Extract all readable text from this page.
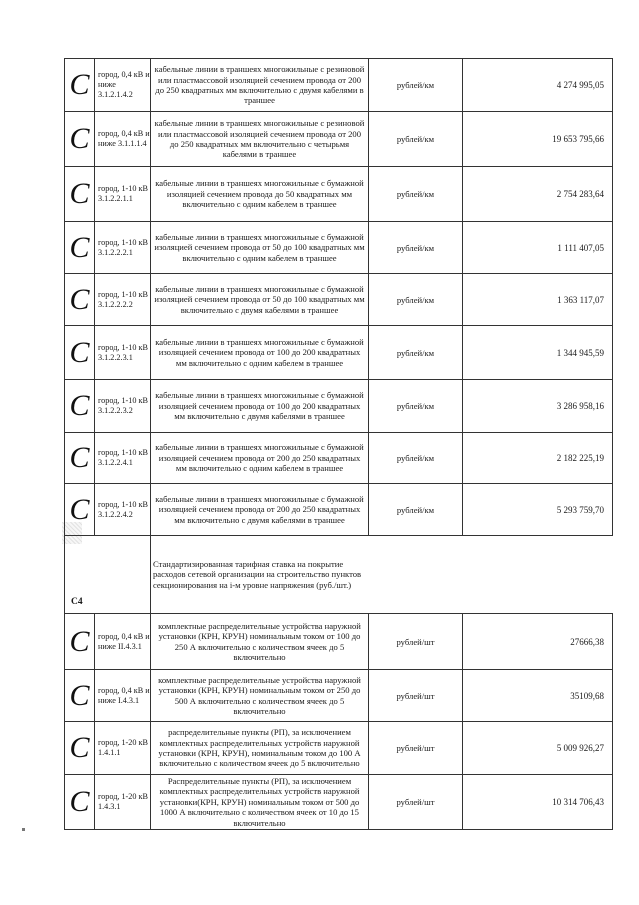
С	город, 0,4 кВ и ниже 3.1.2.1.4.2	кабельные линии в траншеях многожильные с резиновой или пластмассовой изоляцией сечением провода от 200 до 250 квадратных мм включительно с двумя кабелями в траншее	рублей/км	4 274 995,05
С	город, 0,4 кВ и ниже 3.1.1.1.4	кабельные линии в траншеях многожильные с резиновой или пластмассовой изоляцией сечением провода от 200 до 250 квадратных мм включительно с четырьмя кабелями в траншее	рублей/км	19 653 795,66
С	город, 1-10 кВ 3.1.2.2.1.1	кабельные линии в траншеях многожильные с бумажной изоляцией сечением провода до 50 квадратных мм включительно с одним кабелем в траншее	рублей/км	2 754 283,64
С	город, 1-10 кВ 3.1.2.2.2.1	кабельные линии в траншеях многожильные с бумажной изоляцией сечением провода от 50 до 100 квадратных мм включительно с одним кабелем в траншее	рублей/км	1 111 407,05
С	город, 1-10 кВ 3.1.2.2.2.2	кабельные линии в траншеях многожильные с бумажной изоляцией сечением провода от 50 до 100 квадратных мм включительно с двумя кабелями в траншее	рублей/км	1 363 117,07
С	город, 1-10 кВ 3.1.2.2.3.1	кабельные линии в траншеях многожильные с бумажной изоляцией сечением провода от 100 до 200 квадратных мм включительно с одним кабелем в траншее	рублей/км	1 344 945,59
С	город, 1-10 кВ 3.1.2.2.3.2	кабельные линии в траншеях многожильные с бумажной изоляцией сечением провода от 100 до 200 квадратных мм включительно с двумя кабелями в траншее	рублей/км	3 286 958,16
С	город, 1-10 кВ 3.1.2.2.4.1	кабельные линии в траншеях многожильные с бумажной изоляцией сечением провода от 200 до 250 квадратных мм включительно с одним кабелем в траншее	рублей/км	2 182 225,19
С	город, 1-10 кВ 3.1.2.2.4.2	кабельные линии в траншеях многожильные с бумажной изоляцией сечением провода от 200 до 250 квадратных мм включительно с двумя кабелями в траншее	рублей/км	5 293 759,70
С4		Стандартизированная тарифная ставка на покрытие расходов сетевой организации на строительство пунктов секционирования на i-м уровне напряжения (руб./шт.)		

С	город, 0,4 кВ и ниже II.4.3.1	комплектные распределительные устройства наружной установки (КРН, КРУН) номинальным током от 100 до 250 А включительно с количеством ячеек до 5 включительно	рублей/шт	27666,38
С	город, 0,4 кВ и ниже I.4.3.1	комплектные распределительные устройства наружной установки (КРН, КРУН) номинальным током от 250 до 500 А включительно с количеством ячеек до 5 включительно	рублей/шт	35109,68
С	город, 1-20 кВ 1.4.1.1	распределительные пункты (РП), за исключением комплектных распределительных устройств наружной установки (КРН, КРУН), номинальным током до 100 А включительно с количеством ячеек до 5 включительно	рублей/шт	5 009 926,27
С	город, 1-20 кВ 1.4.3.1	Распределительные пункты (РП), за исключением комплектных распределительных устройств наружной установки(КРН, КРУН) номинальным током от 500 до 1000 А включительно с количеством ячеек от 10 до 15 включительно	рублей/шт	10 314 706,43
